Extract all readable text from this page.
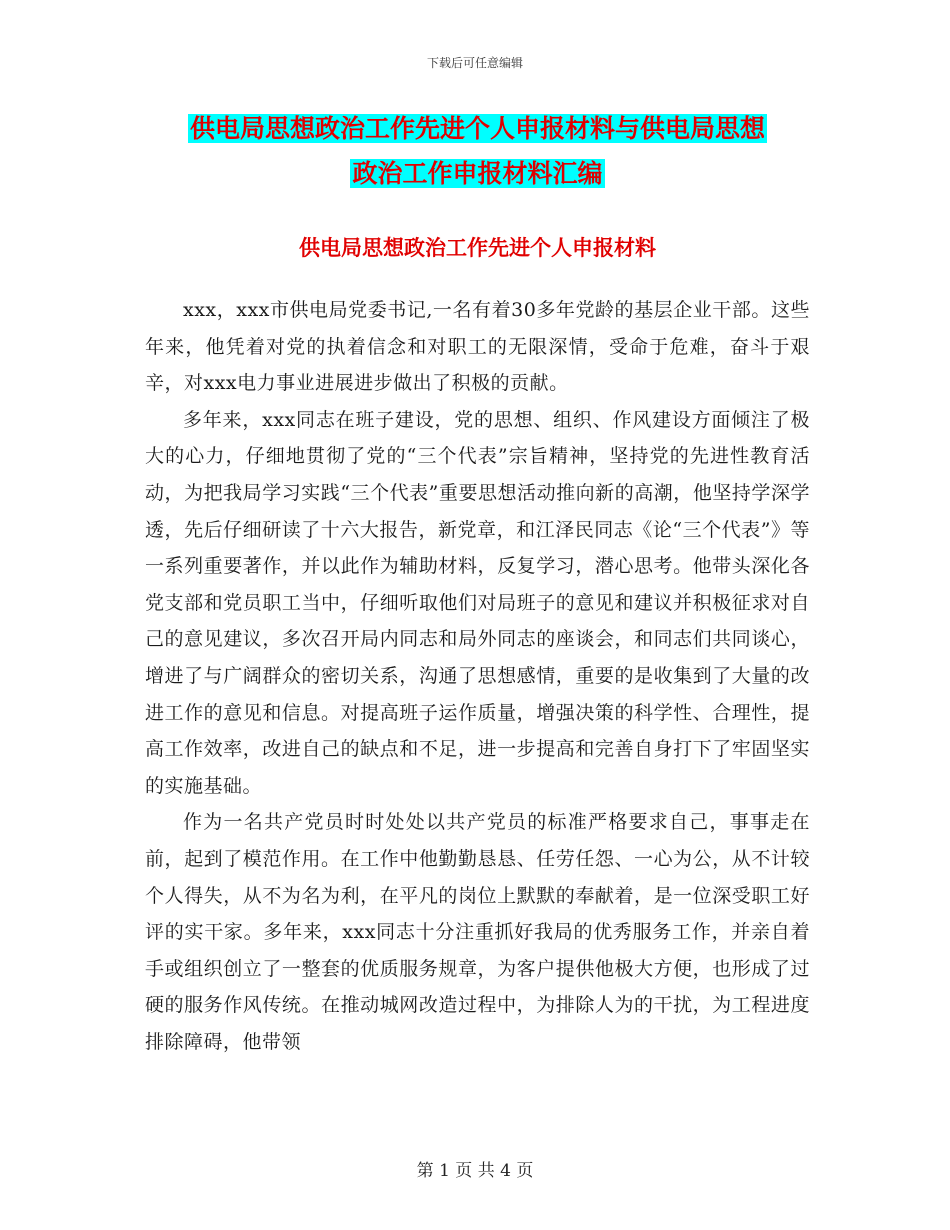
下载后可任意编辑
供电局思想政治工作先进个人申报材料与供电局思想
政治工作申报材料汇编
供电局思想政治工作先进个人申报材料

xxx，xxx市供电局党委书记,一名有着30多年党龄的基层企业干部。这些年来，他凭着对党的执着信念和对职工的无限深情，受命于危难，奋斗于艰辛，对xxx电力事业进展进步做出了积极的贡献。

多年来，xxx同志在班子建设，党的思想、组织、作风建设方面倾注了极大的心力，仔细地贯彻了党的“三个代表”宗旨精神，坚持党的先进性教育活动，为把我局学习实践“三个代表”重要思想活动推向新的高潮，他坚持学深学透，先后仔细研读了十六大报告，新党章，和江泽民同志《论“三个代表”》等一系列重要著作，并以此作为辅助材料，反复学习，潜心思考。他带头深化各党支部和党员职工当中，仔细听取他们对局班子的意见和建议并积极征求对自己的意见建议，多次召开局内同志和局外同志的座谈会，和同志们共同谈心，增进了与广阔群众的密切关系，沟通了思想感情，重要的是收集到了大量的改进工作的意见和信息。对提高班子运作质量，增强决策的科学性、合理性，提高工作效率，改进自己的缺点和不足，进一步提高和完善自身打下了牢固坚实的实施基础。

作为一名共产党员时时处处以共产党员的标准严格要求自己，事事走在前，起到了模范作用。在工作中他勤勤恳恳、任劳任怨、一心为公，从不计较个人得失，从不为名为利，在平凡的岗位上默默的奉献着，是一位深受职工好评的实干家。多年来，xxx同志十分注重抓好我局的优秀服务工作，并亲自着手或组织创立了一整套的优质服务规章，为客户提供他极大方便，也形成了过硬的服务作风传统。在推动城网改造过程中，为排除人为的干扰，为工程进度排除障碍，他带领

第 1 页 共 4 页
